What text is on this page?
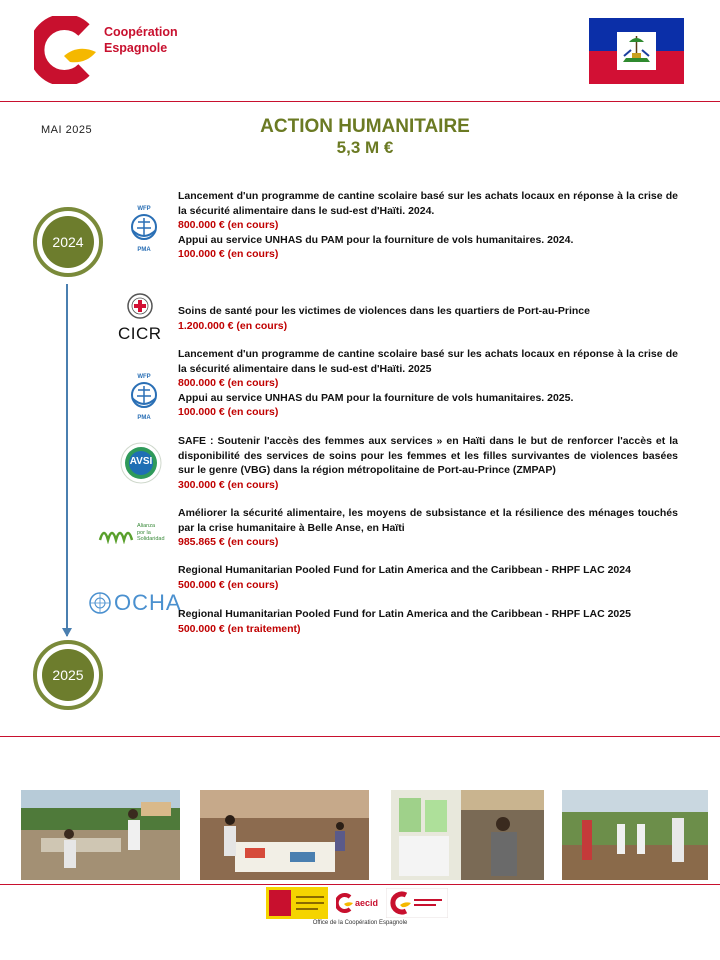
Coopération
Espagnole
MAI 2025	ACTION HUMANITAIRE
5,3 M €
2024
2025
WFP
PMA
Lancement d'un programme de cantine scolaire basé sur les achats locaux en réponse à la crise de la sécurité alimentaire dans le sud-est d'Haïti. 2024.
800.000 € (en cours)
Appui au service UNHAS du PAM pour la fourniture de vols humanitaires. 2024.
100.000 € (en cours)
CICR
Soins de santé pour les victimes de violences dans les quartiers de Port-au-Prince
1.200.000 € (en cours)
WFP
PMA
Lancement d'un programme de cantine scolaire basé sur les achats locaux en réponse à la crise de la sécurité alimentaire dans le sud-est d'Haïti. 2025
800.000 € (en cours)
Appui au service UNHAS du PAM pour la fourniture de vols humanitaires. 2025.
100.000 € (en cours)
AVSI
SAFE : Soutenir l'accès des femmes aux services » en Haïti dans le but de renforcer l'accès et la disponibilité des services de soins pour les femmes et les filles survivantes de violences basées sur le genre (VBG) dans la région métropolitaine de Port-au-Prince (ZMPAP)
300.000 € (en cours)
Alianza
por la
Solidaridad
Améliorer la sécurité alimentaire, les moyens de subsistance et la résilience des ménages touchés par la crise humanitaire à Belle Anse, en Haïti
985.865 € (en cours)
OCHA
Regional Humanitarian Pooled Fund for Latin America and the Caribbean - RHPF LAC 2024
500.000 € (en cours)
Regional Humanitarian Pooled Fund for Latin America and the Caribbean - RHPF LAC 2025
500.000 € (en traitement)
aecid
Office de la Coopération Espagnole
